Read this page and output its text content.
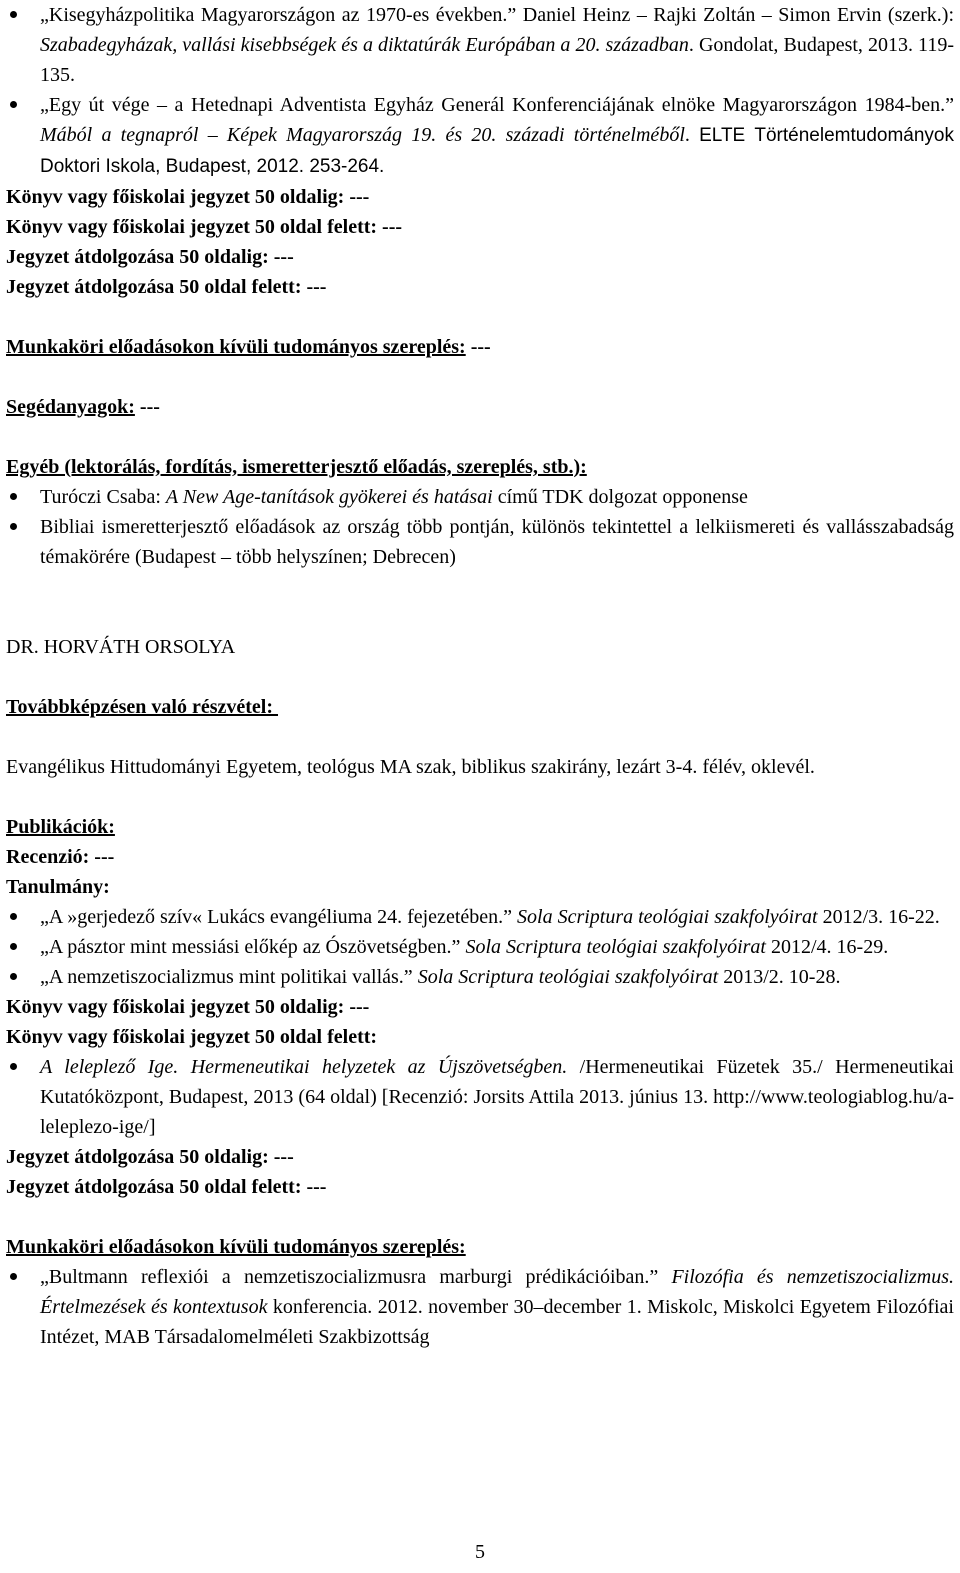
„Kisegyházpolitika Magyarországon az 1970-es években.” Daniel Heinz – Rajki Zoltán – Simon Ervin (szerk.): Szabadegyházak, vallási kisebbségek és a diktatúrák Európában a 20. században. Gondolat, Budapest, 2013. 119-135.
„Egy út vége – a Hetednapi Adventista Egyház Generál Konferenciájának elnöke Magyarországon 1984-ben.” Mából a tegnapról – Képek Magyarország 19. és 20. századi történelméből. ELTE Történelemtudományok Doktori Iskola, Budapest, 2012. 253-264.

Könyv vagy főiskolai jegyzet 50 oldalig: ---

Könyv vagy főiskolai jegyzet 50 oldal felett: ---

Jegyzet átdolgozása 50 oldalig: ---

Jegyzet átdolgozása 50 oldal felett: ---

Munkaköri előadásokon kívüli tudományos szereplés: ---

Segédanyagok: ---

Egyéb (lektorálás, fordítás, ismeretterjesztő előadás, szereplés, stb.):

Turóczi Csaba: A New Age-tanítások gyökerei és hatásai című TDK dolgozat opponense
Bibliai ismeretterjesztő előadások az ország több pontján, különös tekintettel a lelkiismereti és vallásszabadság témakörére (Budapest – több helyszínen; Debrecen)

DR. HORVÁTH ORSOLYA

Továbbképzésen való részvétel:

Evangélikus Hittudományi Egyetem, teológus MA szak, biblikus szakirány, lezárt 3-4. félév, oklevél.

Publikációk:

Recenzió: ---

Tanulmány:

„A »gerjedező szív« Lukács evangéliuma 24. fejezetében.” Sola Scriptura teológiai szakfolyóirat 2012/3. 16-22.
„A pásztor mint messiási előkép az Ószövetségben.” Sola Scriptura teológiai szakfolyóirat 2012/4. 16-29.
„A nemzetiszocializmus mint politikai vallás.” Sola Scriptura teológiai szakfolyóirat 2013/2. 10-28.

Könyv vagy főiskolai jegyzet 50 oldalig: ---

Könyv vagy főiskolai jegyzet 50 oldal felett:

A leleplező Ige. Hermeneutikai helyzetek az Újszövetségben. /Hermeneutikai Füzetek 35./ Hermeneutikai Kutatóközpont, Budapest, 2013 (64 oldal) [Recenzió: Jorsits Attila 2013. június 13. http://www.teologiablog.hu/a-leleplezo-ige/]

Jegyzet átdolgozása 50 oldalig: ---

Jegyzet átdolgozása 50 oldal felett: ---

Munkaköri előadásokon kívüli tudományos szereplés:

„Bultmann reflexiói a nemzetiszocializmusra marburgi prédikációiban.” Filozófia és nemzetiszocializmus. Értelmezések és kontextusok konferencia. 2012. november 30–december 1. Miskolc, Miskolci Egyetem Filozófiai Intézet, MAB Társadalomelméleti Szakbizottság
5
